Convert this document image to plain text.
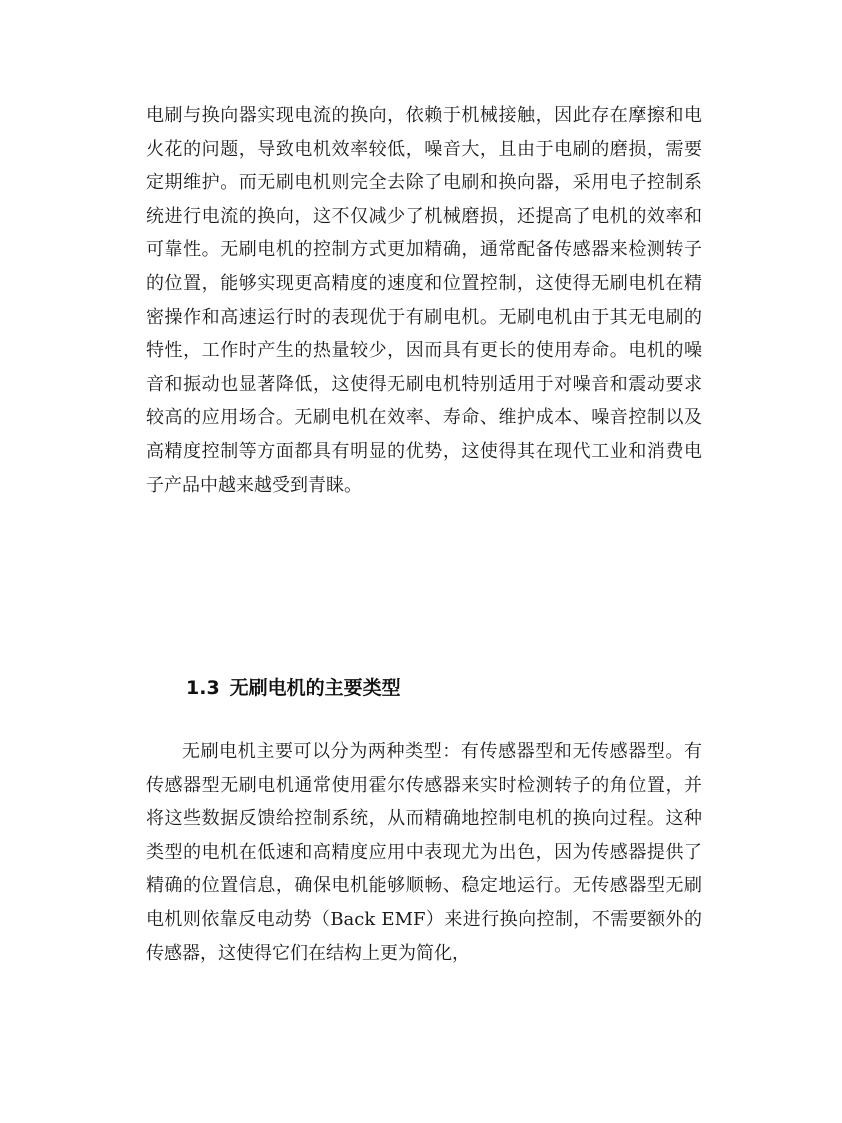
电刷与换向器实现电流的换向，依赖于机械接触，因此存在摩擦和电火花的问题，导致电机效率较低，噪音大，且由于电刷的磨损，需要定期维护。而无刷电机则完全去除了电刷和换向器，采用电子控制系统进行电流的换向，这不仅减少了机械磨损，还提高了电机的效率和可靠性。无刷电机的控制方式更加精确，通常配备传感器来检测转子的位置，能够实现更高精度的速度和位置控制，这使得无刷电机在精密操作和高速运行时的表现优于有刷电机。无刷电机由于其无电刷的特性，工作时产生的热量较少，因而具有更长的使用寿命。电机的噪音和振动也显著降低，这使得无刷电机特别适用于对噪音和震动要求较高的应用场合。无刷电机在效率、寿命、维护成本、噪音控制以及高精度控制等方面都具有明显的优势，这使得其在现代工业和消费电子产品中越来越受到青睐。

1.3 无刷电机的主要类型

无刷电机主要可以分为两种类型：有传感器型和无传感器型。有传感器型无刷电机通常使用霍尔传感器来实时检测转子的角位置，并将这些数据反馈给控制系统，从而精确地控制电机的换向过程。这种类型的电机在低速和高精度应用中表现尤为出色，因为传感器提供了精确的位置信息，确保电机能够顺畅、稳定地运行。无传感器型无刷电机则依靠反电动势（Back EMF）来进行换向控制，不需要额外的传感器，这使得它们在结构上更为简化，
